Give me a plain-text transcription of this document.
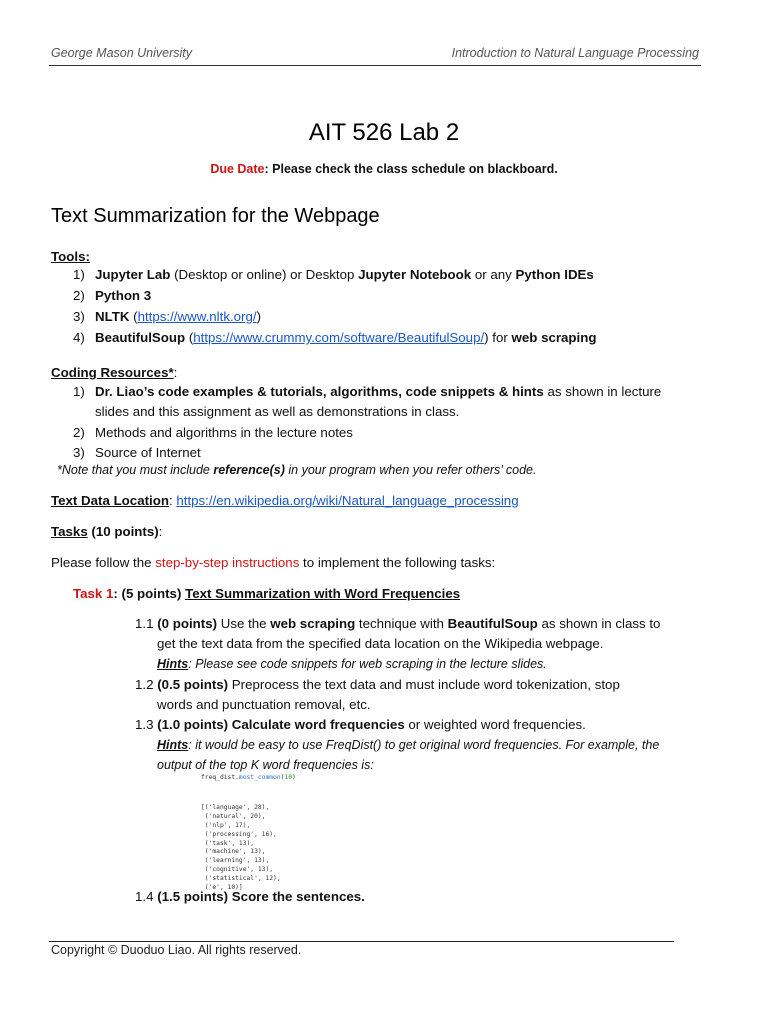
George Mason University	Introduction to Natural Language Processing
AIT 526 Lab 2
Due Date: Please check the class schedule on blackboard.
Text Summarization for the Webpage
Tools:
1) Jupyter Lab (Desktop or online) or Desktop Jupyter Notebook or any Python IDEs
2) Python 3
3) NLTK (https://www.nltk.org/)
4) BeautifulSoup (https://www.crummy.com/software/BeautifulSoup/) for web scraping
Coding Resources*:
1) Dr. Liao’s code examples & tutorials, algorithms, code snippets & hints as shown in lecture
slides and this assignment as well as demonstrations in class.
2) Methods and algorithms in the lecture notes
3) Source of Internet
*Note that you must include reference(s) in your program when you refer others’ code.
Text Data Location: https://en.wikipedia.org/wiki/Natural_language_processing
Tasks (10 points):
Please follow the step-by-step instructions to implement the following tasks:
Task 1: (5 points) Text Summarization with Word Frequencies
1.1 (0 points) Use the web scraping technique with BeautifulSoup as shown in class to
get the text data from the specified data location on the Wikipedia webpage.
Hints: Please see code snippets for web scraping in the lecture slides.
1.2 (0.5 points) Preprocess the text data and must include word tokenization, stop
words and punctuation removal, etc.
1.3 (1.0 points) Calculate word frequencies or weighted word frequencies.
Hints: it would be easy to use FreqDist() to get original word frequencies. For example, the
output of the top K word frequencies is:
freq_dist.most_common(10)

[('language', 28),
('natural', 20),
('nlp', 17),
('processing', 16),
('task', 13),
('machine', 13),
('learning', 13),
('cognitive', 13),
('statistical', 12),
('e', 10)]

1.4 (1.5 points) Score the sentences.
Copyright © Duoduo Liao. All rights reserved.
